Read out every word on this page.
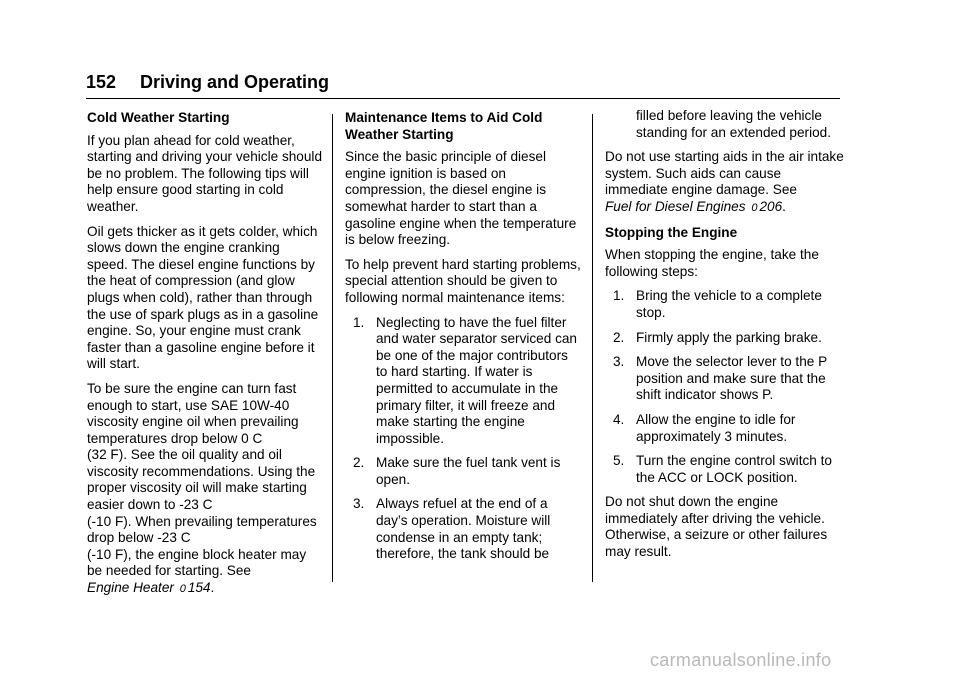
152 Driving and Operating
Cold Weather Starting

If you plan ahead for cold weather, starting and driving your vehicle should be no problem. The following tips will help ensure good starting in cold weather.

Oil gets thicker as it gets colder, which slows down the engine cranking speed. The diesel engine functions by the heat of compression (and glow plugs when cold), rather than through the use of spark plugs as in a gasoline engine. So, your engine must crank faster than a gasoline engine before it will start.

To be sure the engine can turn fast enough to start, use SAE 10W-40 viscosity engine oil when prevailing temperatures drop below 0 C
(32 F). See the oil quality and oil viscosity recommendations. Using the proper viscosity oil will make starting easier down to -23 C
(-10 F). When prevailing temperatures drop below -23 C
(-10 F), the engine block heater may be needed for starting. See
Engine Heater 0 154.

Maintenance Items to Aid Cold Weather Starting

Since the basic principle of diesel engine ignition is based on compression, the diesel engine is somewhat harder to start than a gasoline engine when the temperature is below freezing.

To help prevent hard starting problems, special attention should be given to following normal maintenance items:

1. Neglecting to have the fuel filter and water separator serviced can be one of the major contributors to hard starting. If water is permitted to accumulate in the primary filter, it will freeze and make starting the engine impossible.
2. Make sure the fuel tank vent is open.
3. Always refuel at the end of a day’s operation. Moisture will condense in an empty tank; therefore, the tank should be
filled before leaving the vehicle standing for an extended period.

Do not use starting aids in the air intake system. Such aids can cause immediate engine damage. See
Fuel for Diesel Engines 0 206.

Stopping the Engine

When stopping the engine, take the following steps:

1. Bring the vehicle to a complete stop.
2. Firmly apply the parking brake.
3. Move the selector lever to the P position and make sure that the shift indicator shows P.
4. Allow the engine to idle for approximately 3 minutes.
5. Turn the engine control switch to the ACC or LOCK position.

Do not shut down the engine immediately after driving the vehicle. Otherwise, a seizure or other failures may result.

carmanualsonline.info
